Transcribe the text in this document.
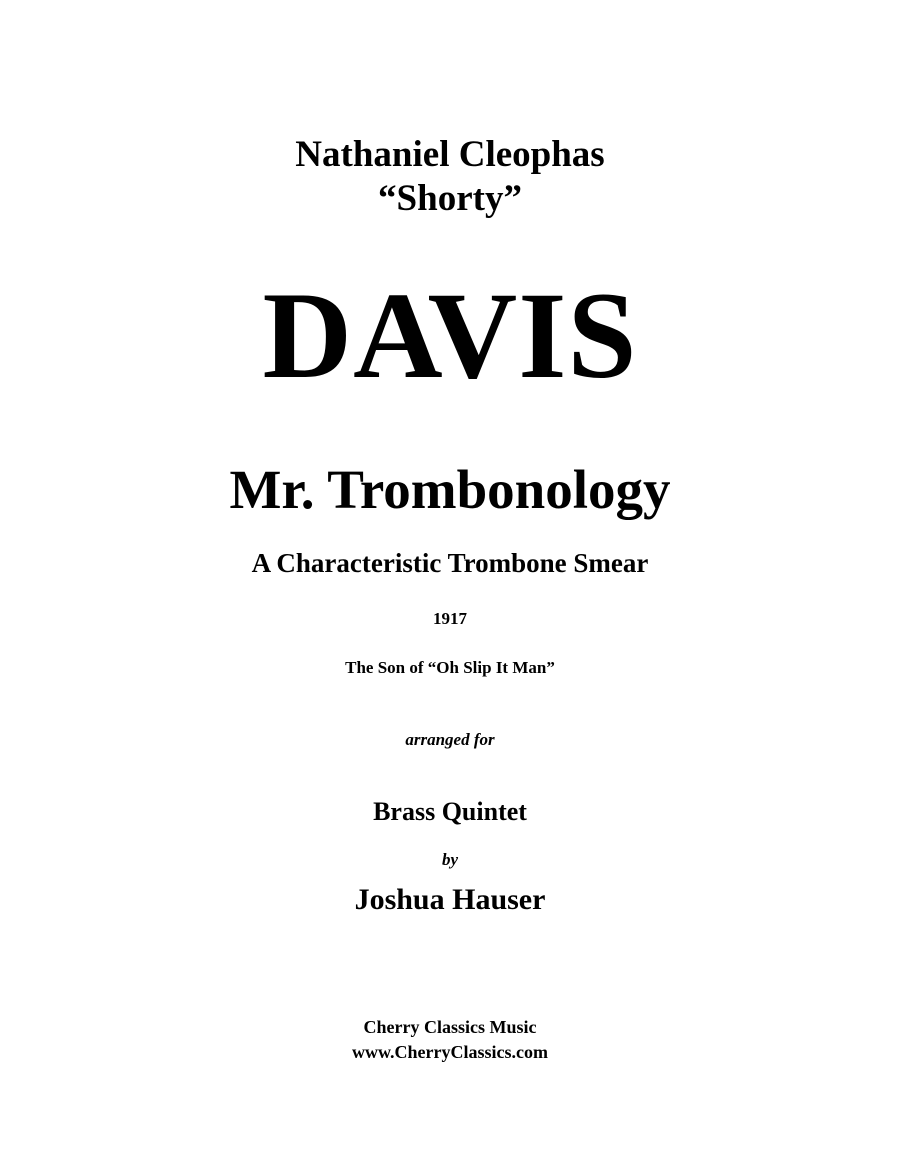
Nathaniel Cleophas
“Shorty”
DAVIS
Mr. Trombonology
A Characteristic Trombone Smear
1917
The Son of “Oh Slip It Man”
arranged for
Brass Quintet
by
Joshua Hauser
Cherry Classics Music
www.CherryClassics.com
